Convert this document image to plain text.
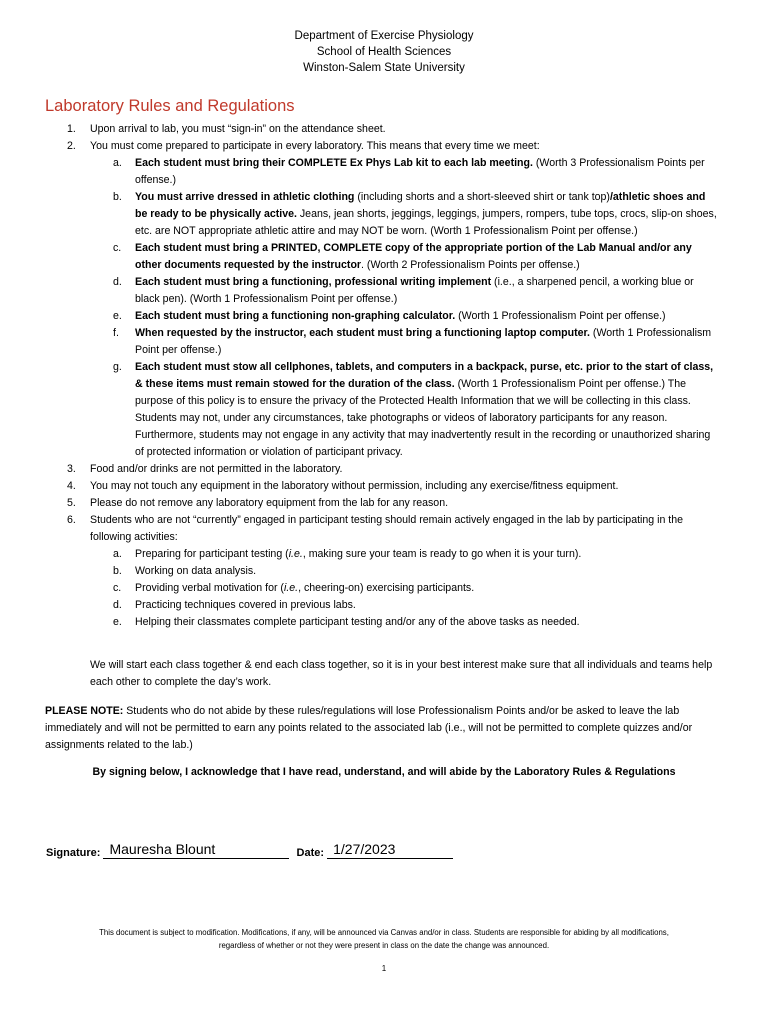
Department of Exercise Physiology
School of Health Sciences
Winston-Salem State University
Laboratory Rules and Regulations
1. Upon arrival to lab, you must “sign-in” on the attendance sheet.
2. You must come prepared to participate in every laboratory. This means that every time we meet:
a. Each student must bring their COMPLETE Ex Phys Lab kit to each lab meeting. (Worth 3 Professionalism Points per offense.)
b. You must arrive dressed in athletic clothing (including shorts and a short-sleeved shirt or tank top)/athletic shoes and be ready to be physically active. Jeans, jean shorts, jeggings, leggings, jumpers, rompers, tube tops, crocs, slip-on shoes, etc. are NOT appropriate athletic attire and may NOT be worn. (Worth 1 Professionalism Point per offense.)
c. Each student must bring a PRINTED, COMPLETE copy of the appropriate portion of the Lab Manual and/or any other documents requested by the instructor. (Worth 2 Professionalism Points per offense.)
d. Each student must bring a functioning, professional writing implement (i.e., a sharpened pencil, a working blue or black pen). (Worth 1 Professionalism Point per offense.)
e. Each student must bring a functioning non-graphing calculator. (Worth 1 Professionalism Point per offense.)
f. When requested by the instructor, each student must bring a functioning laptop computer. (Worth 1 Professionalism Point per offense.)
g. Each student must stow all cellphones, tablets, and computers in a backpack, purse, etc. prior to the start of class, & these items must remain stowed for the duration of the class. (Worth 1 Professionalism Point per offense.) The purpose of this policy is to ensure the privacy of the Protected Health Information that we will be collecting in this class. Students may not, under any circumstances, take photographs or videos of laboratory participants for any reason. Furthermore, students may not engage in any activity that may inadvertently result in the recording or unauthorized sharing of protected information or violation of participant privacy.
3. Food and/or drinks are not permitted in the laboratory.
4. You may not touch any equipment in the laboratory without permission, including any exercise/fitness equipment.
5. Please do not remove any laboratory equipment from the lab for any reason.
6. Students who are not “currently” engaged in participant testing should remain actively engaged in the lab by participating in the following activities:
a. Preparing for participant testing (i.e., making sure your team is ready to go when it is your turn).
b. Working on data analysis.
c. Providing verbal motivation for (i.e., cheering-on) exercising participants.
d. Practicing techniques covered in previous labs.
e. Helping their classmates complete participant testing and/or any of the above tasks as needed.
We will start each class together & end each class together, so it is in your best interest make sure that all individuals and teams help each other to complete the day’s work.
PLEASE NOTE: Students who do not abide by these rules/regulations will lose Professionalism Points and/or be asked to leave the lab immediately and will not be permitted to earn any points related to the associated lab (i.e., will not be permitted to complete quizzes and/or assignments related to the lab.)
By signing below, I acknowledge that I have read, understand, and will abide by the Laboratory Rules & Regulations
Signature: Mauresha Blount	Date: 1/27/2023
This document is subject to modification. Modifications, if any, will be announced via Canvas and/or in class. Students are responsible for abiding by all modifications,
regardless of whether or not they were present in class on the date the change was announced.
1
